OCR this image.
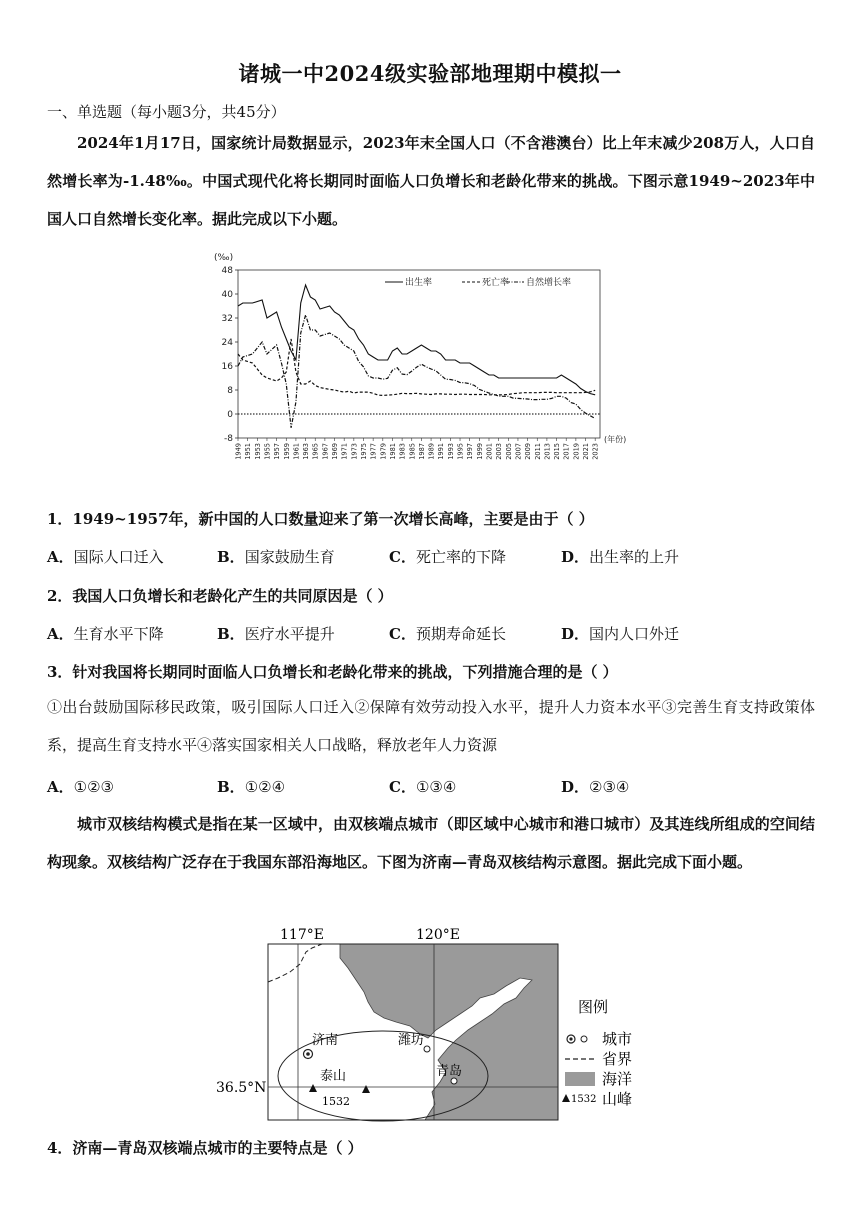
诸城一中2024级实验部地理期中模拟一
一、单选题（每小题3分，共45分）
2024年1月17日，国家统计局数据显示，2023年末全国人口（不含港澳台）比上年末减少208万人，人口自然增长率为-1.48‰。中国式现代化将长期同时面临人口负增长和老龄化带来的挑战。下图示意1949~2023年中国人口自然增长变化率。据此完成以下小题。
(‰)
-8
0
8
16
24
32
40
48
1949 1951 1953 1955 1957 1959 1961 1963 1965 1967 1969 1971 1973 1975 1977 1979 1981 1983 1985 1987 1989 1991 1993 1995 1997 1999 2001 2003 2005 2007 2009 2011 2013 2015 2017 2019 2021 2023
(年份)
出生率	死亡率 自然增长率
1．1949~1957年，新中国的人口数量迎来了第一次增长高峰，主要是由于（ ）
A．国际人口迁入	B．国家鼓励生育	C．死亡率的下降	D．出生率的上升
2．我国人口负增长和老龄化产生的共同原因是（ ）
A．生育水平下降	B．医疗水平提升	C．预期寿命延长	D．国内人口外迁
3．针对我国将长期同时面临人口负增长和老龄化带来的挑战，下列措施合理的是（ ）
①出台鼓励国际移民政策，吸引国际人口迁入②保障有效劳动投入水平，提升人力资本水平③完善生育支持政策体系，提高生育支持水平④落实国家相关人口战略，释放老年人力资源
A．①②③	B．①②④	C．①③④	D．②③④
城市双核结构模式是指在某一区域中，由双核端点城市（即区域中心城市和港口城市）及其连线所组成的空间结构现象。双核结构广泛存在于我国东部沿海地区。下图为济南—青岛双核结构示意图。据此完成下面小题。
117°E	120°E
36.5°N
济南	潍坊
青岛
泰山
1532
图例
城市
省界
海洋
1532 山峰
4．济南—青岛双核端点城市的主要特点是（ ）
